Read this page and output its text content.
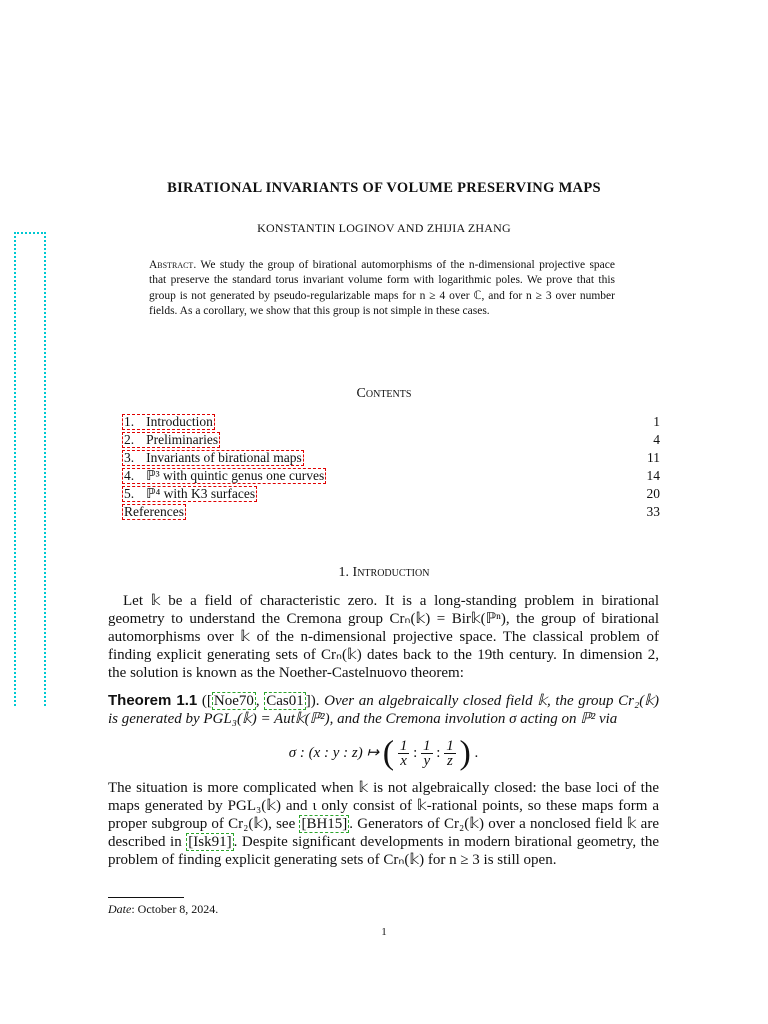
BIRATIONAL INVARIANTS OF VOLUME PRESERVING MAPS
KONSTANTIN LOGINOV AND ZHIJIA ZHANG
Abstract. We study the group of birational automorphisms of the n-dimensional projective space that preserve the standard torus invariant volume form with logarithmic poles. We prove that this group is not generated by pseudo-regularizable maps for n ≥ 4 over ℂ, and for n ≥ 3 over number fields. As a corollary, we show that this group is not simple in these cases.
Contents
1. Introduction	1
2. Preliminaries	4
3. Invariants of birational maps	11
4. ℙ³ with quintic genus one curves	14
5. ℙ⁴ with K3 surfaces	20
References	33
1. Introduction
Let 𝕜 be a field of characteristic zero. It is a long-standing problem in birational geometry to understand the Cremona group Crₙ(𝕜) = Bir𝕜(ℙⁿ), the group of birational automorphisms over 𝕜 of the n-dimensional projective space. The classical problem of finding explicit generating sets of Crₙ(𝕜) dates back to the 19th century. In dimension 2, the solution is known as the Noether-Castelnuovo theorem:
Theorem 1.1 ([ Noe70 , Cas01 ]). Over an algebraically closed field 𝕜, the group Cr₂(𝕜) is generated by PGL₃(𝕜) = Aut𝕜(ℙ²), and the Cremona involution σ acting on ℙ² via
σ : (x : y : z) ↦ ( $\frac{1}{x}$ : $\frac{1}{y}$ : $\frac{1}{z}$ ) .
The situation is more complicated when 𝕜 is not algebraically closed: the base loci of the maps generated by PGL₃(𝕜) and ι only consist of 𝕜-rational points, so these maps form a proper subgroup of Cr₂(𝕜), see [BH15] . Generators of Cr₂(𝕜) over a nonclosed field 𝕜 are described in [Isk91] . Despite significant developments in modern birational geometry, the problem of finding explicit generating sets of Crₙ(𝕜) for n ≥ 3 is still open.
Date: October 8, 2024.
1
